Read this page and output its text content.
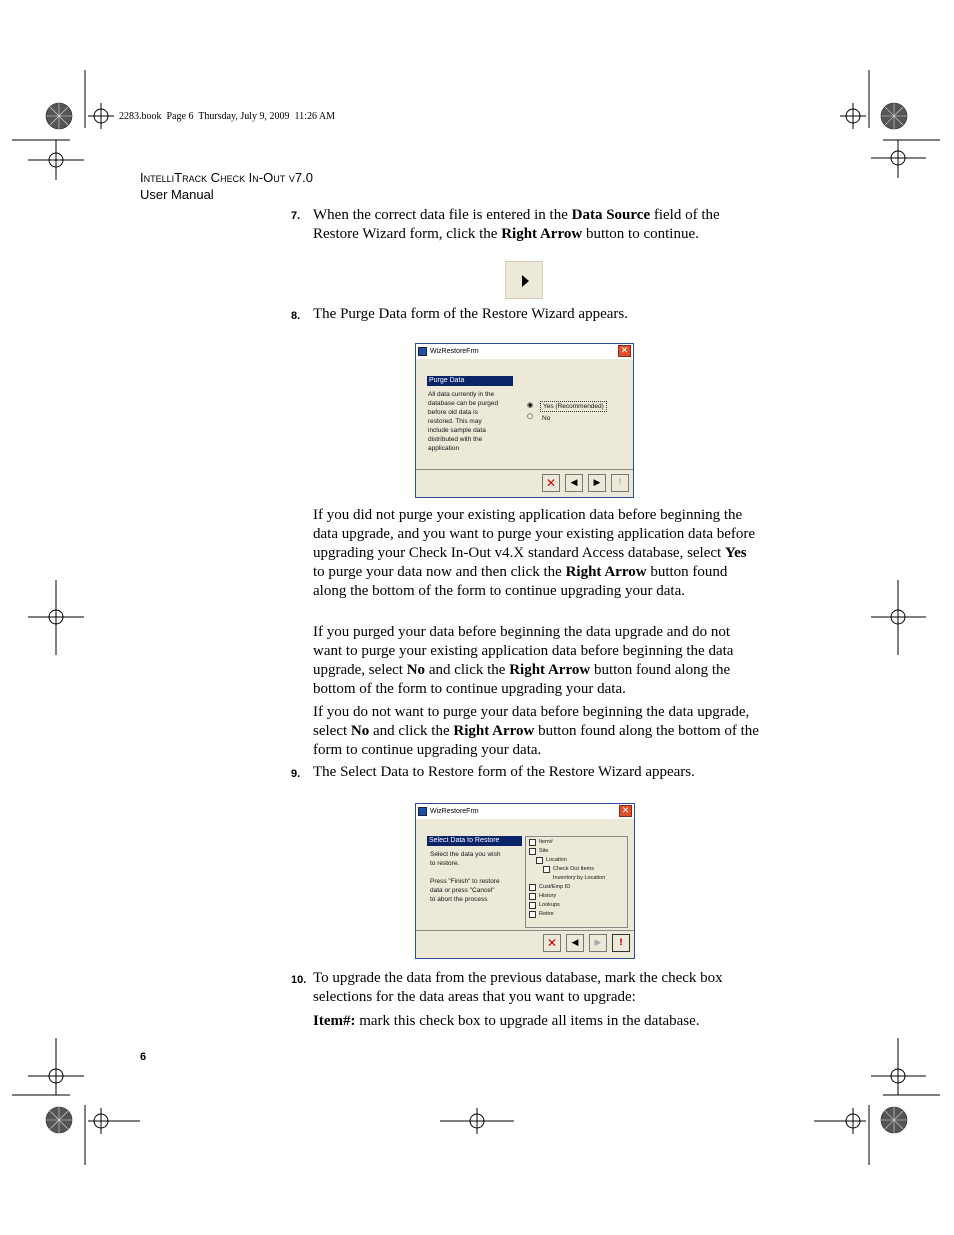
2283.book  Page 6  Thursday, July 9, 2009  11:26 AM
IntelliTrack Check In-Out v7.0
User Manual
7. When the correct data file is entered in the Data Source field of the Restore Wizard form, click the Right Arrow button to continue.
8. The Purge Data form of the Restore Wizard appears.
WizRestoreFrm	✕
Purge Data
All data currently in the
database can be purged
before old data is
restored. This may
include sample data
distributed with the
application
◉	Yes (Recommended)
○ No
✕	◀	▶	!
If you did not purge your existing application data before beginning the data upgrade, and you want to purge your existing application data before upgrading your Check In-Out v4.X standard Access database, select Yes to purge your data now and then click the Right Arrow button found along the bottom of the form to continue upgrading your data.
If you purged your data before beginning the data upgrade and do not want to purge your existing application data before beginning the data upgrade, select No and click the Right Arrow button found along the bottom of the form to continue upgrading your data.
If you do not want to purge your data before beginning the data upgrade, select No and click the Right Arrow button found along the bottom of the form to continue upgrading your data.
9. The Select Data to Restore form of the Restore Wizard appears.
WizRestoreFrm	✕
Select Data to Restore
Select the data you wish
to restore.
Press "Finish" to restore
data or press "Cancel"
to abort the process
Item#
Site
Location
Check Out Items
Inventory by Location
Cust/Emp ID
History
Lookups
Retire
✕	◀	▶	!
10. To upgrade the data from the previous database, mark the check box selections for the data areas that you want to upgrade:
Item#: mark this check box to upgrade all items in the database.
6
